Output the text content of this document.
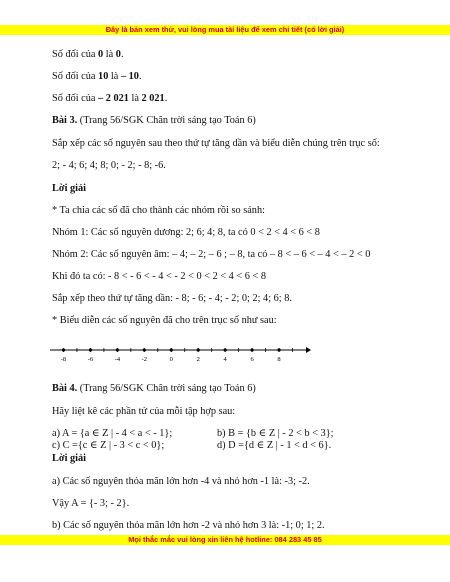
Đây là bản xem thử, vui lòng mua tài liệu để xem chi tiết (có lời giải)
Số đối của 0 là 0.
Số đối của 10 là – 10.
Số đối của – 2 021 là 2 021.
Bài 3. (Trang 56/SGK Chân trời sáng tạo Toán 6)
Sắp xếp các số nguyên sau theo thứ tự tăng dần và biểu diễn chúng trên trục số:
2; - 4; 6; 4; 8; 0; - 2; - 8; -6.
Lời giải
* Ta chia các số đã cho thành các nhóm rồi so sánh:
Nhóm 1: Các số nguyên dương: 2; 6; 4; 8, ta có 0 < 2 < 4 < 6 < 8
Nhóm 2: Các số nguyên âm: – 4; – 2; – 6 ; – 8, ta có – 8 < – 6 < – 4 < – 2 < 0
Khi đó ta có: - 8 < - 6 < - 4 < - 2 < 0 < 2 < 4 < 6 < 8
Sắp xếp theo thứ tự tăng dần: - 8; - 6; - 4; - 2; 0; 2; 4; 6; 8.
* Biểu diễn các số nguyên đã cho trên trục số như sau:
Bài 4. (Trang 56/SGK Chân trời sáng tạo Toán 6)
Hãy liệt kê các phần tử của mỗi tập hợp sau:
a) A = {a ∈ Z | - 4 < a < - 1};	b) B = {b ∈ Z | - 2 < b < 3};
c) C ={c ∈ Z | - 3 < c < 0};	d) D ={d ∈ Z | - 1 < d < 6}.
Lời giải
a) Các số nguyên thỏa mãn lớn hơn -4 và nhỏ hơn -1 là: -3; -2.
Vậy A = {- 3; - 2}.
b) Các số nguyên thỏa mãn lớn hơn -2 và nhỏ hơn 3 là: -1; 0; 1; 2.
-8	-6	-4	-2	0	2	4	6	8
Mọi thắc mắc vui lòng xin liên hệ hotline: 084 283 45 85
